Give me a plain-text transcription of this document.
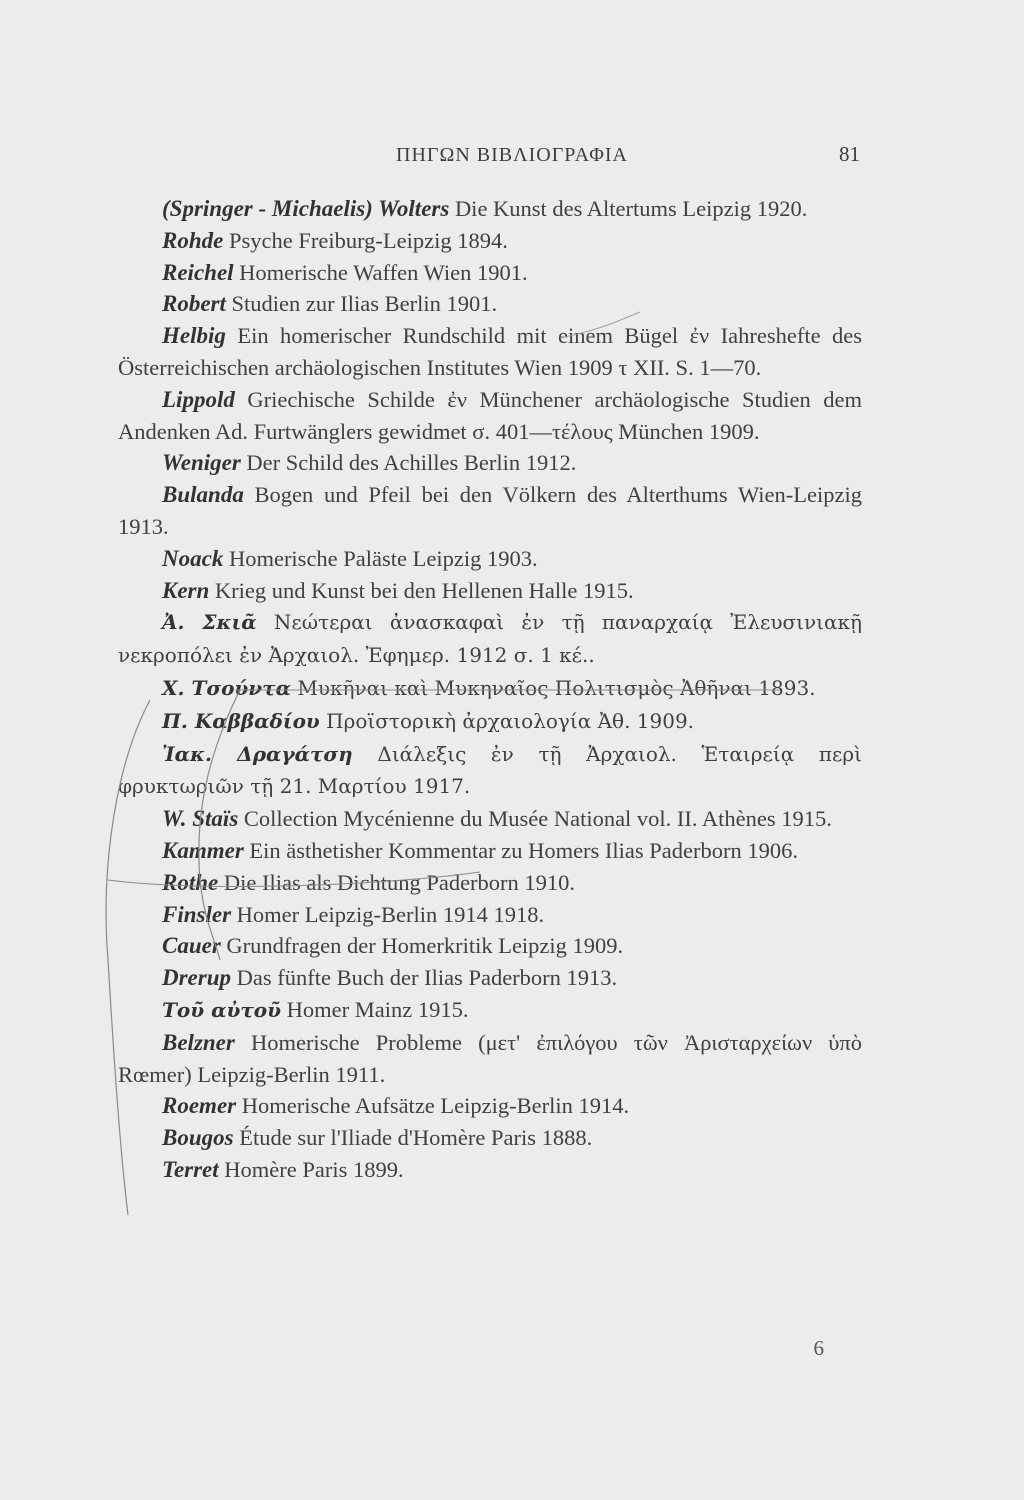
ΠΗΓΩΝ ΒΙΒΛΙΟΓΡΑΦΙΑ	81

(Springer - Michaelis) Wolters Die Kunst des Altertums Leipzig 1920.

Rohde Psyche Freiburg-Leipzig 1894.

Reichel Homerische Waffen Wien 1901.

Robert Studien zur Ilias Berlin 1901.

Helbig Ein homerischer Rundschild mit einem Bügel ἐν Iahreshefte des Österreichischen archäologischen Institutes Wien 1909 τ XII. S. 1—70.

Lippold Griechische Schilde ἐν Münchener archäologische Studien dem Andenken Ad. Furtwänglers gewidmet σ. 401—τέλους München 1909.

Weniger Der Schild des Achilles Berlin 1912.

Bulanda Bogen und Pfeil bei den Völkern des Alterthums Wien-Leipzig 1913.

Noack Homerische Paläste Leipzig 1903.

Kern Krieg und Kunst bei den Hellenen Halle 1915.

Ἀ. Σκιᾶ Νεώτεραι ἀνασκαφαὶ ἐν τῇ παναρχαίᾳ Ἐλευσινιακῇ νεκροπόλει ἐν Ἀρχαιολ. Ἐφημερ. 1912 σ. 1 κέ..

Χ. Τσούντα Μυκῆναι καὶ Μυκηναῖος Πολιτισμὸς Ἀθῆναι 1893.

Π. Καββαδίου Προϊστορικὴ ἀρχαιολογία Ἀθ. 1909.

Ἰακ. Δραγάτση Διάλεξις ἐν τῇ Ἀρχαιολ. Ἑταιρείᾳ περὶ φρυκτωριῶν τῇ 21. Μαρτίου 1917.

W. Staïs Collection Mycénienne du Musée National vol. II. Athènes 1915.

Kammer Ein ästhetisher Kommentar zu Homers Ilias Paderborn 1906.

Rothe Die Ilias als Dichtung Paderborn 1910.

Finsler Homer Leipzig-Berlin 1914 1918.

Cauer Grundfragen der Homerkritik Leipzig 1909.

Drerup Das fünfte Buch der Ilias Paderborn 1913.

Τοῦ αὐτοῦ Homer Mainz 1915.

Belzner Homerische Probleme (μετ' ἐπιλόγου τῶν Ἀρισταρχείων ὑπὸ Rœmer) Leipzig-Berlin 1911.

Roemer Homerische Aufsätze Leipzig-Berlin 1914.

Bougos Étude sur l'Iliade d'Homère Paris 1888.

Terret Homère Paris 1899.

6
